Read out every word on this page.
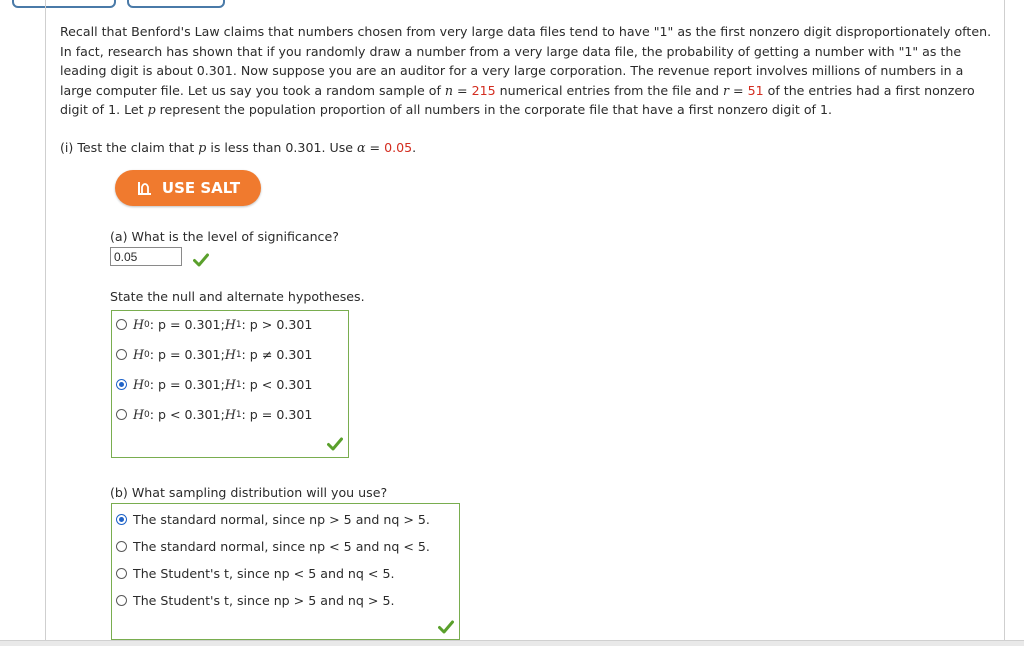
Recall that Benford's Law claims that numbers chosen from very large data files tend to have "1" as the first nonzero digit disproportionately often. In fact, research has shown that if you randomly draw a number from a very large data file, the probability of getting a number with "1" as the leading digit is about 0.301. Now suppose you are an auditor for a very large corporation. The revenue report involves millions of numbers in a large computer file. Let us say you took a random sample of n = 215 numerical entries from the file and r = 51 of the entries had a first nonzero digit of 1. Let p represent the population proportion of all numbers in the corporate file that have a first nonzero digit of 1.

(i) Test the claim that p is less than 0.301. Use α = 0.05.

USE SALT

(a) What is the level of significance?

0.05

State the null and alternate hypotheses.

H 0 : p = 0.301; H 1 : p > 0.301
H 0 : p = 0.301; H 1 : p ≠ 0.301
H 0 : p = 0.301; H 1 : p < 0.301
H 0 : p < 0.301; H 1 : p = 0.301

(b) What sampling distribution will you use?

The standard normal, since np > 5 and nq > 5.
The standard normal, since np < 5 and nq < 5.
The Student's t, since np < 5 and nq < 5.
The Student's t, since np > 5 and nq > 5.
